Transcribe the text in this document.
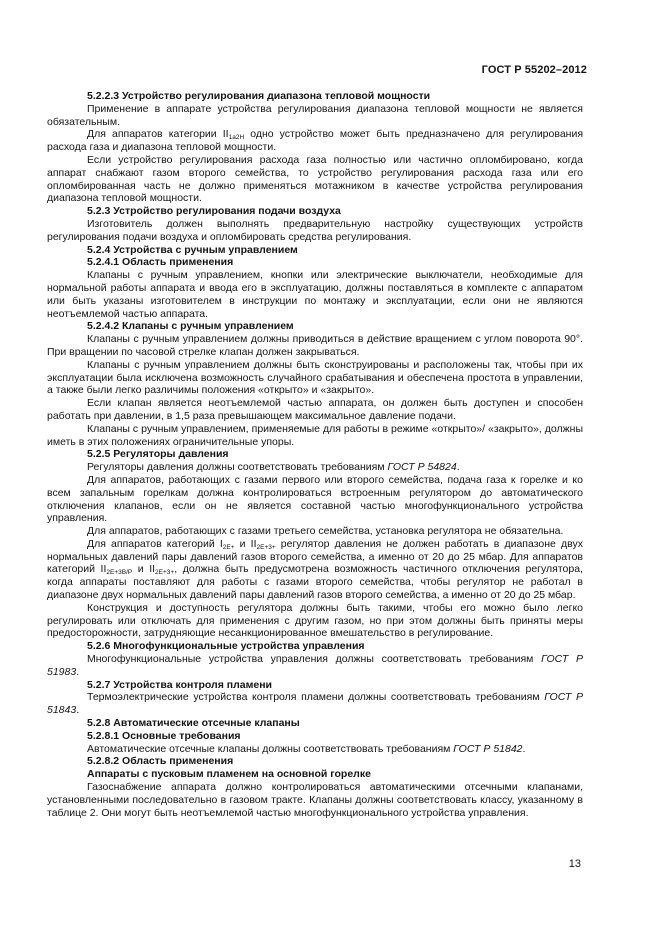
ГОСТ Р 55202–2012

5.2.2.3 Устройство регулирования диапазона тепловой мощности

Применение в аппарате устройства регулирования диапазона тепловой мощности не является обязательным.

Для аппаратов категории $II_{1a2H}$ одно устройство может быть предназначено для регулирования расхода газа и диапазона тепловой мощности.

Если устройство регулирования расхода газа полностью или частично опломбировано, когда аппарат снабжают газом второго семейства, то устройство регулирования расхода газа или его опломбированная часть не должно применяться мотажником в качестве устройства регулирования диапазона тепловой мощности.

5.2.3 Устройство регулирования подачи воздуха

Изготовитель должен выполнять предварительную настройку существующих устройств регулирования подачи воздуха и опломбировать средства регулирования.

5.2.4 Устройства с ручным управлением

5.2.4.1 Область применения

Клапаны с ручным управлением, кнопки или электрические выключатели, необходимые для нормальной работы аппарата и ввода его в эксплуатацию, должны поставляться в комплекте с аппаратом или быть указаны изготовителем в инструкции по монтажу и эксплуатации, если они не являются неотъемлемой частью аппарата.

5.2.4.2 Клапаны с ручным управлением

Клапаны с ручным управлением должны приводиться в действие вращением с углом поворота 90°. При вращении по часовой стрелке клапан должен закрываться.

Клапаны с ручным управлением должны быть сконструированы и расположены так, чтобы при их эксплуатации была исключена возможность случайного срабатывания и обеспечена простота в управлении, а также были легко различимы положения «открыто» и «закрыто».

Если клапан является неотъемлемой частью аппарата, он должен быть доступен и способен работать при давлении, в 1,5 раза превышающем максимальное давление подачи.

Клапаны с ручным управлением, применяемые для работы в режиме «открыто»/ «закрыто», должны иметь в этих положениях ограничительные упоры.

5.2.5 Регуляторы давления

Регуляторы давления должны соответствовать требованиям ГОСТ Р 54824.

Для аппаратов, работающих с газами первого или второго семейства, подача газа к горелке и ко всем запальным горелкам должна контролироваться встроенным регулятором до автоматического отключения клапанов, если он не является составной частью многофункционального устройства управления.

Для аппаратов, работающих с газами третьего семейства, установка регулятора не обязательна.

Для аппаратов категорий $I_{2E+}$ и $II_{2E+3+}$ регулятор давления не должен работать в диапазоне двух нормальных давлений пары давлений газов второго семейства, а именно от 20 до 25 мбар. Для аппаратов категорий $II_{2E+3B/P}$ и $II_{2E+3+}$, должна быть предусмотрена возможность частичного отключения регулятора, когда аппараты поставляют для работы с газами второго семейства, чтобы регулятор не работал в диапазоне двух нормальных давлений пары давлений газов второго семейства, а именно от 20 до 25 мбар.

Конструкция и доступность регулятора должны быть такими, чтобы его можно было легко регулировать или отключать для применения с другим газом, но при этом должны быть приняты меры предосторожности, затрудняющие несанкционированное вмешательство в регулирование.

5.2.6 Многофункциональные устройства управления

Многофункциональные устройства управления должны соответствовать требованиям ГОСТ Р 51983.

5.2.7 Устройства контроля пламени

Термоэлектрические устройства контроля пламени должны соответствовать требованиям ГОСТ Р 51843.

5.2.8 Автоматические отсечные клапаны

5.2.8.1 Основные требования

Автоматические отсечные клапаны должны соответствовать требованиям ГОСТ Р 51842.

5.2.8.2 Область применения

Аппараты с пусковым пламенем на основной горелке

Газоснабжение аппарата должно контролироваться автоматическими отсечными клапанами, установленными последовательно в газовом тракте. Клапаны должны соответствовать классу, указанному в таблице 2. Они могут быть неотъемлемой частью многофункционального устройства управления.

13
